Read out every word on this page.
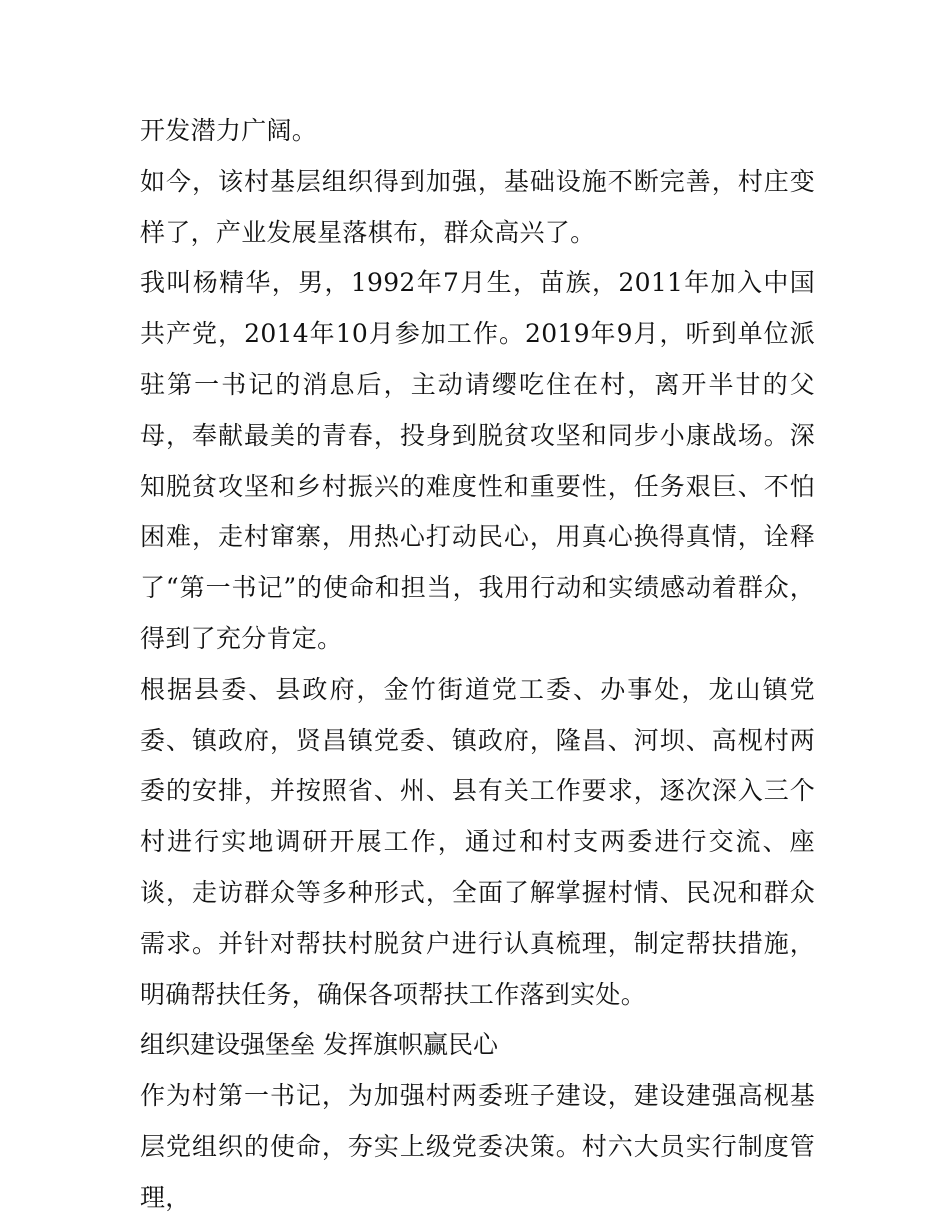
开发潜力广阔。

如今，该村基层组织得到加强，基础设施不断完善，村庄变样了，产业发展星落棋布，群众高兴了。

我叫杨精华，男，1992年7月生，苗族，2011年加入中国共产党，2014年10月参加工作。2019年9月，听到单位派驻第一书记的消息后，主动请缨吃住在村，离开半甘的父母，奉献最美的青春，投身到脱贫攻坚和同步小康战场。深知脱贫攻坚和乡村振兴的难度性和重要性，任务艰巨、不怕困难，走村窜寨，用热心打动民心，用真心换得真情，诠释了“第一书记”的使命和担当，我用行动和实绩感动着群众，得到了充分肯定。

根据县委、县政府，金竹街道党工委、办事处，龙山镇党委、镇政府，贤昌镇党委、镇政府，隆昌、河坝、高枧村两委的安排，并按照省、州、县有关工作要求，逐次深入三个村进行实地调研开展工作，通过和村支两委进行交流、座谈，走访群众等多种形式，全面了解掌握村情、民况和群众需求。并针对帮扶村脱贫户进行认真梳理，制定帮扶措施，明确帮扶任务，确保各项帮扶工作落到实处。

组织建设强堡垒 发挥旗帜赢民心

作为村第一书记，为加强村两委班子建设，建设建强高枧基层党组织的使命，夯实上级党委决策。村六大员实行制度管理，
